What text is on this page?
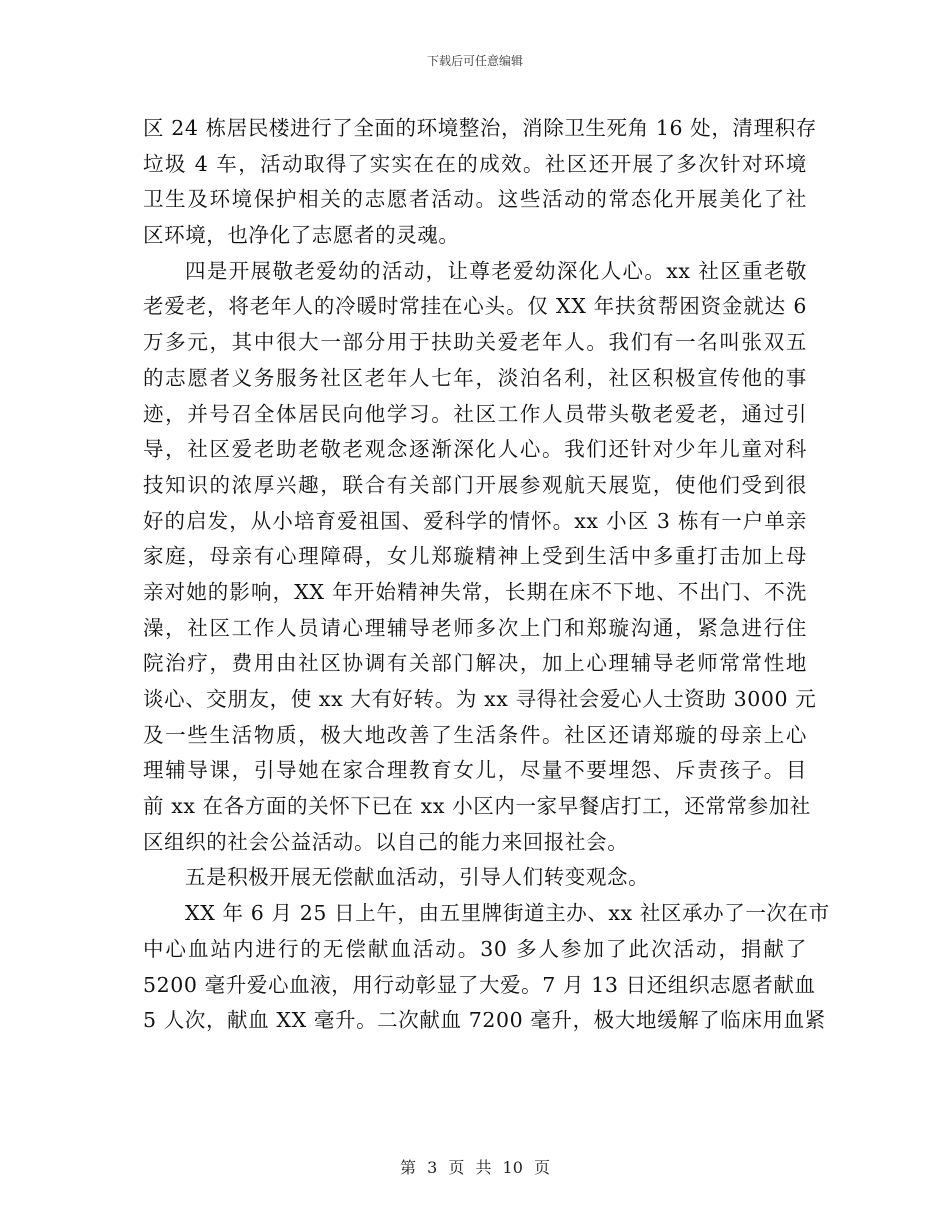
下载后可任意编辑
区 24 栋居民楼进行了全面的环境整治，消除卫生死角 16 处，清理积存
垃圾 4 车，活动取得了实实在在的成效。社区还开展了多次针对环境
卫生及环境保护相关的志愿者活动。这些活动的常态化开展美化了社
区环境，也净化了志愿者的灵魂。
四是开展敬老爱幼的活动，让尊老爱幼深化人心。xx 社区重老敬
老爱老，将老年人的冷暖时常挂在心头。仅 XX 年扶贫帮困资金就达 6
万多元，其中很大一部分用于扶助关爱老年人。我们有一名叫张双五
的志愿者义务服务社区老年人七年，淡泊名利，社区积极宣传他的事
迹，并号召全体居民向他学习。社区工作人员带头敬老爱老，通过引
导，社区爱老助老敬老观念逐渐深化人心。我们还针对少年儿童对科
技知识的浓厚兴趣，联合有关部门开展参观航天展览，使他们受到很
好的启发，从小培育爱祖国、爱科学的情怀。xx 小区 3 栋有一户单亲
家庭，母亲有心理障碍，女儿郑璇精神上受到生活中多重打击加上母
亲对她的影响，XX 年开始精神失常，长期在床不下地、不出门、不洗
澡，社区工作人员请心理辅导老师多次上门和郑璇沟通，紧急进行住
院治疗，费用由社区协调有关部门解决，加上心理辅导老师常常性地
谈心、交朋友，使 xx 大有好转。为 xx 寻得社会爱心人士资助 3000 元
及一些生活物质，极大地改善了生活条件。社区还请郑璇的母亲上心
理辅导课，引导她在家合理教育女儿，尽量不要埋怨、斥责孩子。目
前 xx 在各方面的关怀下已在 xx 小区内一家早餐店打工，还常常参加社
区组织的社会公益活动。以自己的能力来回报社会。
五是积极开展无偿献血活动，引导人们转变观念。
XX 年 6 月 25 日上午，由五里牌街道主办、xx 社区承办了一次在市
中心血站内进行的无偿献血活动。30 多人参加了此次活动，捐献了
5200 毫升爱心血液，用行动彰显了大爱。7 月 13 日还组织志愿者献血
5 人次，献血 XX 毫升。二次献血 7200 毫升，极大地缓解了临床用血紧
第 3 页 共 10 页
